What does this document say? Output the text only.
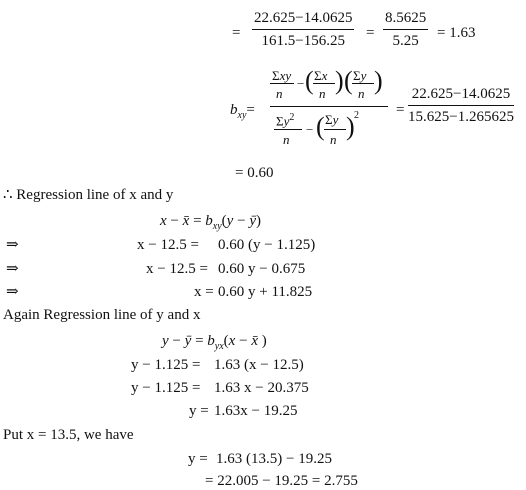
= $\frac{22.625-14.0625}{161.5-156.25} = \frac{8.5625}{5.25} = 1.63$
$b_{xy}=$
Σxy
n
− ( Σx
n ) ( Σy
n )
$\Sigma y^2$
n
− ( Σy
n ) $2 = \frac{22.625-14.0625}{15.625-1.265625}$
= 0.60
∴ Regression line of x and y
x − x̄ = $b_{xy}(y$ − ȳ)
⇒	x − 12.5 = 0.60 (y − 1.125)
⇒	x − 12.5 = 0.60 y − 0.675
⇒	x = 0.60 y + 11.825
Again Regression line of y and x
y − ȳ = $b_{yx}(x$ − x̄ )
y − 1.125 = 1.63 (x − 12.5)
y − 1.125 = 1.63 x − 20.375
y = 1.63x − 19.25
Put x = 13.5, we have
y = 1.63 (13.5) − 19.25
= 22.005 − 19.25 = 2.755
